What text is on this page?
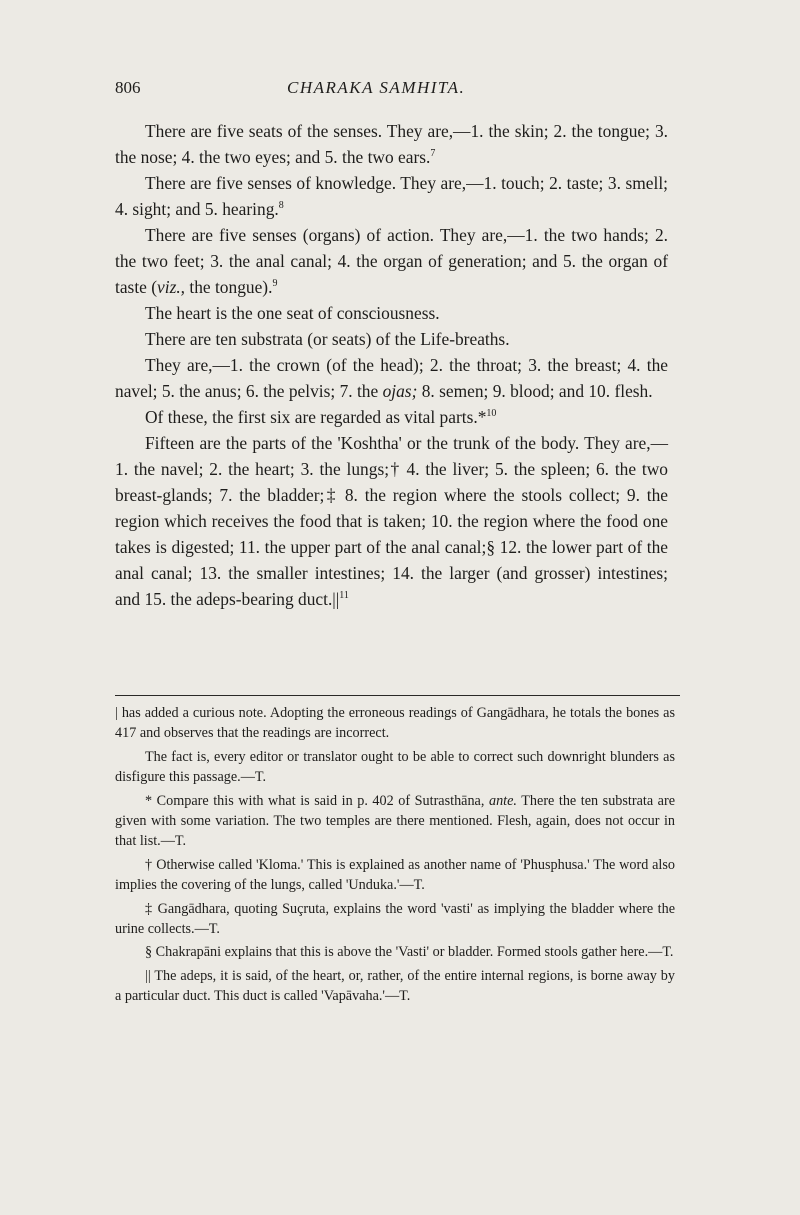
806	CHARAKA SAMHITA.

There are five seats of the senses. They are,—1. the skin; 2. the tongue; 3. the nose; 4. the two eyes; and 5. the two ears.$^7$

There are five senses of knowledge. They are,—1. touch; 2. taste; 3. smell; 4. sight; and 5. hearing.$^8$

There are five senses (organs) of action. They are,—1. the two hands; 2. the two feet; 3. the anal canal; 4. the organ of generation; and 5. the organ of taste (viz., the tongue).$^9$

The heart is the one seat of consciousness.

There are ten substrata (or seats) of the Life-breaths.

They are,—1. the crown (of the head); 2. the throat; 3. the breast; 4. the navel; 5. the anus; 6. the pelvis; 7. the ojas; 8. semen; 9. blood; and 10. flesh.

Of these, the first six are regarded as vital parts.*$^{10}$

Fifteen are the parts of the 'Koshtha' or the trunk of the body. They are,—1. the navel; 2. the heart; 3. the lungs;† 4. the liver; 5. the spleen; 6. the two breast-glands; 7. the bladder;‡ 8. the region where the stools collect; 9. the region which receives the food that is taken; 10. the region where the food one takes is digested; 11. the upper part of the anal canal;§ 12. the lower part of the anal canal; 13. the smaller intestines; 14. the larger (and grosser) intestines; and 15. the adeps-bearing $duct.||^{11}$

| has added a curious note. Adopting the erroneous readings of Gangādhara, he totals the bones as 417 and observes that the readings are incorrect.

The fact is, every editor or translator ought to be able to correct such downright blunders as disfigure this passage.—T.

* Compare this with what is said in p. 402 of Sutrasthāna, ante. There the ten substrata are given with some variation. The two temples are there mentioned. Flesh, again, does not occur in that list.—T.

† Otherwise called 'Kloma.' This is explained as another name of 'Phusphusa.' The word also implies the covering of the lungs, called 'Unduka.'—T.

‡ Gangādhara, quoting Suçruta, explains the word 'vasti' as implying the bladder where the urine collects.—T.

§ Chakrapāni explains that this is above the 'Vasti' or bladder. Formed stools gather here.—T.

|| The adeps, it is said, of the heart, or, rather, of the entire internal regions, is borne away by a particular duct. This duct is called 'Vapāvaha.'—T.
